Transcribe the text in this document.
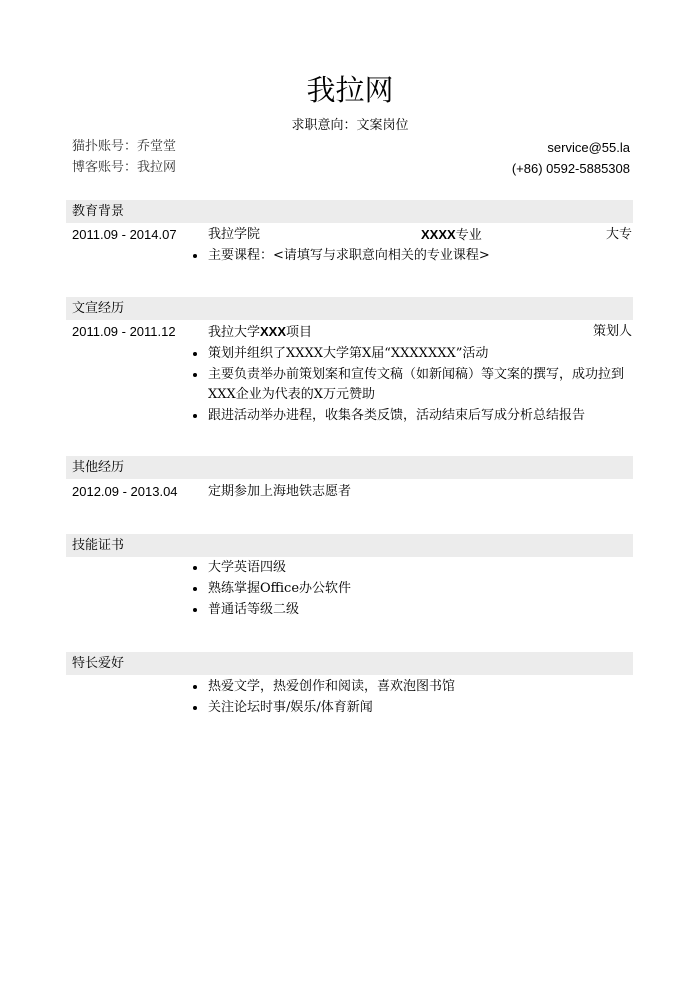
我拉网
求职意向：文案岗位
猫扑账号：乔堂堂
博客账号：我拉网
service@55.la
(+86) 0592-5885308
教育背景
2011.09 - 2014.07 我拉学院	XXXX专业	大专
主要课程：<请填写与求职意向相关的专业课程>
文宣经历
2011.09 - 2011.12 我拉大学XXX项目	策划人
策划并组织了XXXX大学第X届“XXXXXXX”活动
主要负责举办前策划案和宣传文稿（如新闻稿）等文案的撰写，成功拉到XXX企业为代表的X万元赞助
跟进活动举办进程，收集各类反馈，活动结束后写成分析总结报告
其他经历
2012.09 - 2013.04 定期参加上海地铁志愿者
技能证书
大学英语四级
熟练掌握Office办公软件
普通话等级二级
特长爱好
热爱文学，热爱创作和阅读，喜欢泡图书馆
关注论坛时事/娱乐/体育新闻
